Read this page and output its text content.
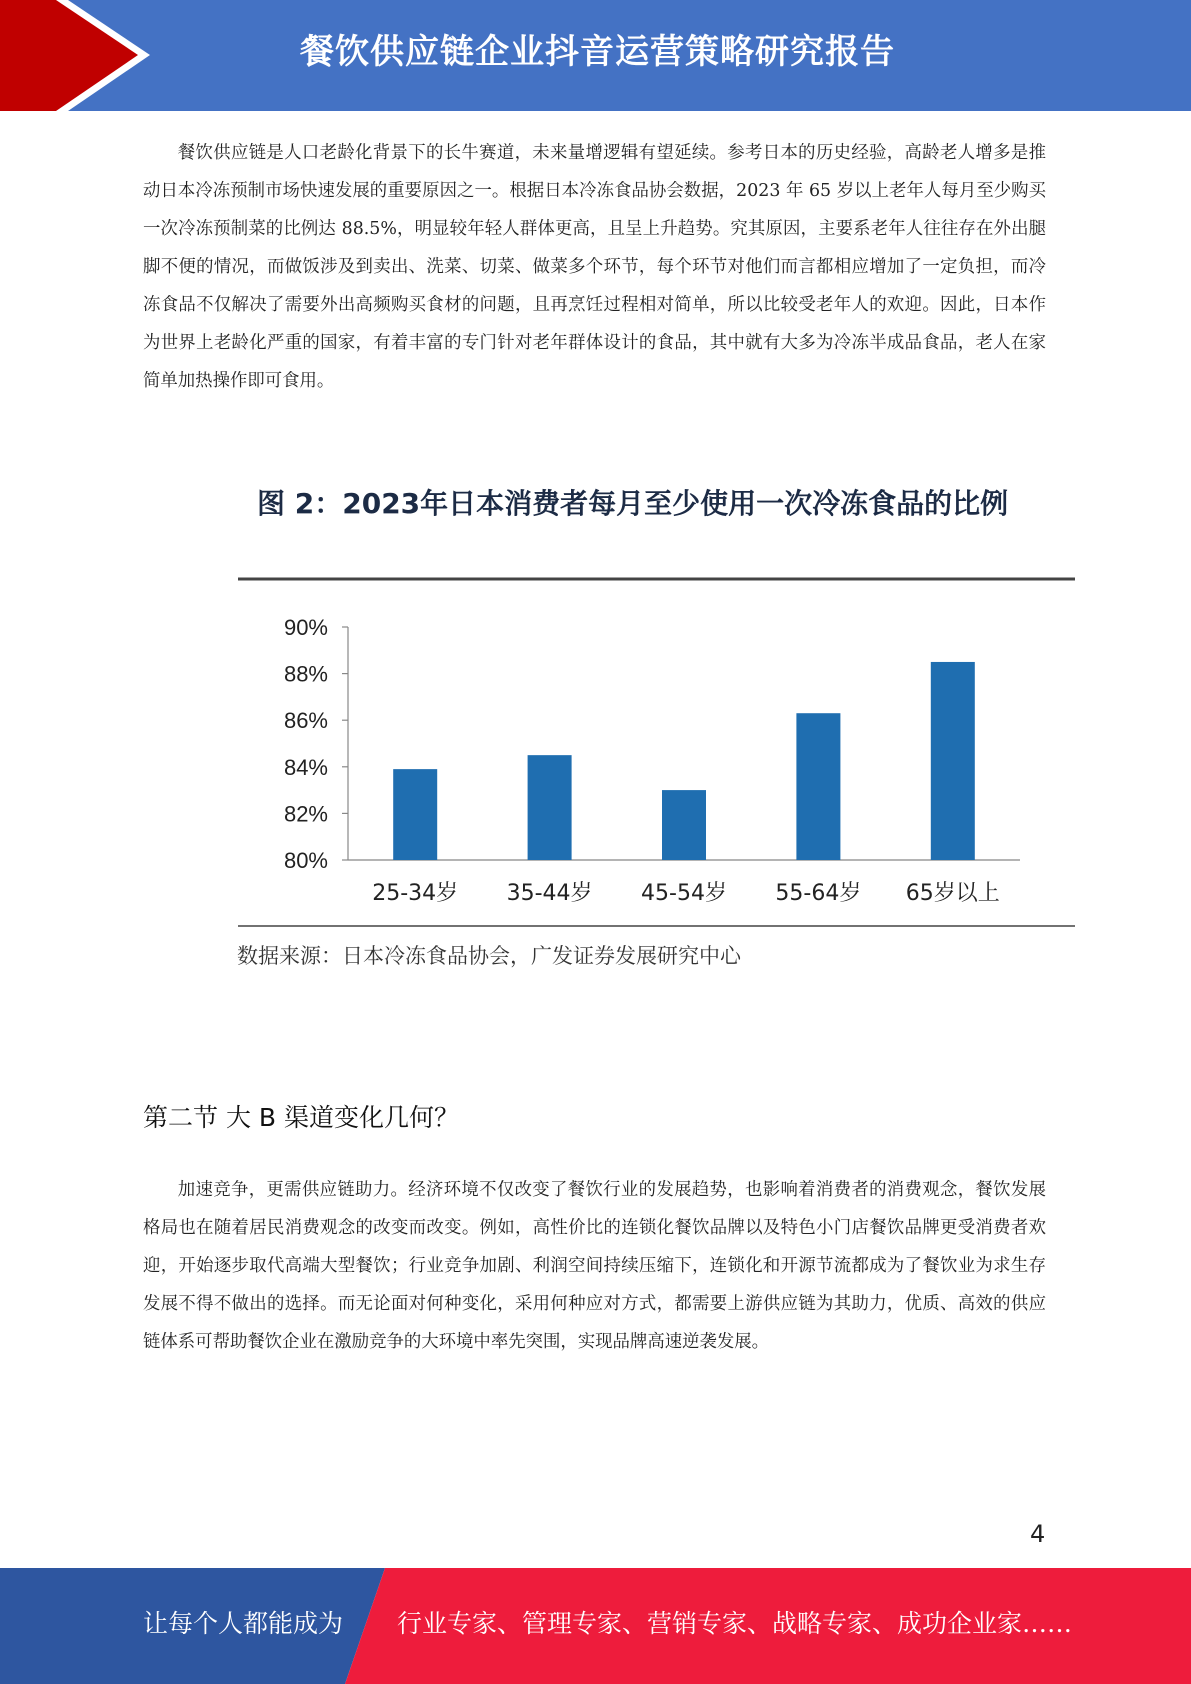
餐饮供应链企业抖音运营策略研究报告

餐饮供应链是人口老龄化背景下的长牛赛道，未来量增逻辑有望延续。参考日本的历史经验，高龄老人增多是推动日本冷冻预制市场快速发展的重要原因之一。根据日本冷冻食品协会数据，2023 年 65 岁以上老年人每月至少购买一次冷冻预制菜的比例达 88.5%，明显较年轻人群体更高，且呈上升趋势。究其原因，主要系老年人往往存在外出腿脚不便的情况，而做饭涉及到卖出、洗菜、切菜、做菜多个环节，每个环节对他们而言都相应增加了一定负担，而冷冻食品不仅解决了需要外出高频购买食材的问题，且再烹饪过程相对简单，所以比较受老年人的欢迎。因此，日本作为世界上老龄化严重的国家，有着丰富的专门针对老年群体设计的食品，其中就有大多为冷冻半成品食品，老人在家简单加热操作即可食用。

图 2：2023年日本消费者每月至少使用一次冷冻食品的比例
80%
82%
84%
86%
88%
90%
25-34岁 35-44岁 45-54岁 55-64岁 65岁以上
数据来源：日本冷冻食品协会，广发证券发展研究中心
第二节 大 B 渠道变化几何？

加速竞争，更需供应链助力。经济环境不仅改变了餐饮行业的发展趋势，也影响着消费者的消费观念，餐饮发展格局也在随着居民消费观念的改变而改变。例如，高性价比的连锁化餐饮品牌以及特色小门店餐饮品牌更受消费者欢迎，开始逐步取代高端大型餐饮；行业竞争加剧、利润空间持续压缩下，连锁化和开源节流都成为了餐饮业为求生存发展不得不做出的选择。而无论面对何种变化，采用何种应对方式，都需要上游供应链为其助力，优质、高效的供应链体系可帮助餐饮企业在激励竞争的大环境中率先突围，实现品牌高速逆袭发展。

4
让每个人都能成为 行业专家、管理专家、营销专家、战略专家、成功企业家……
